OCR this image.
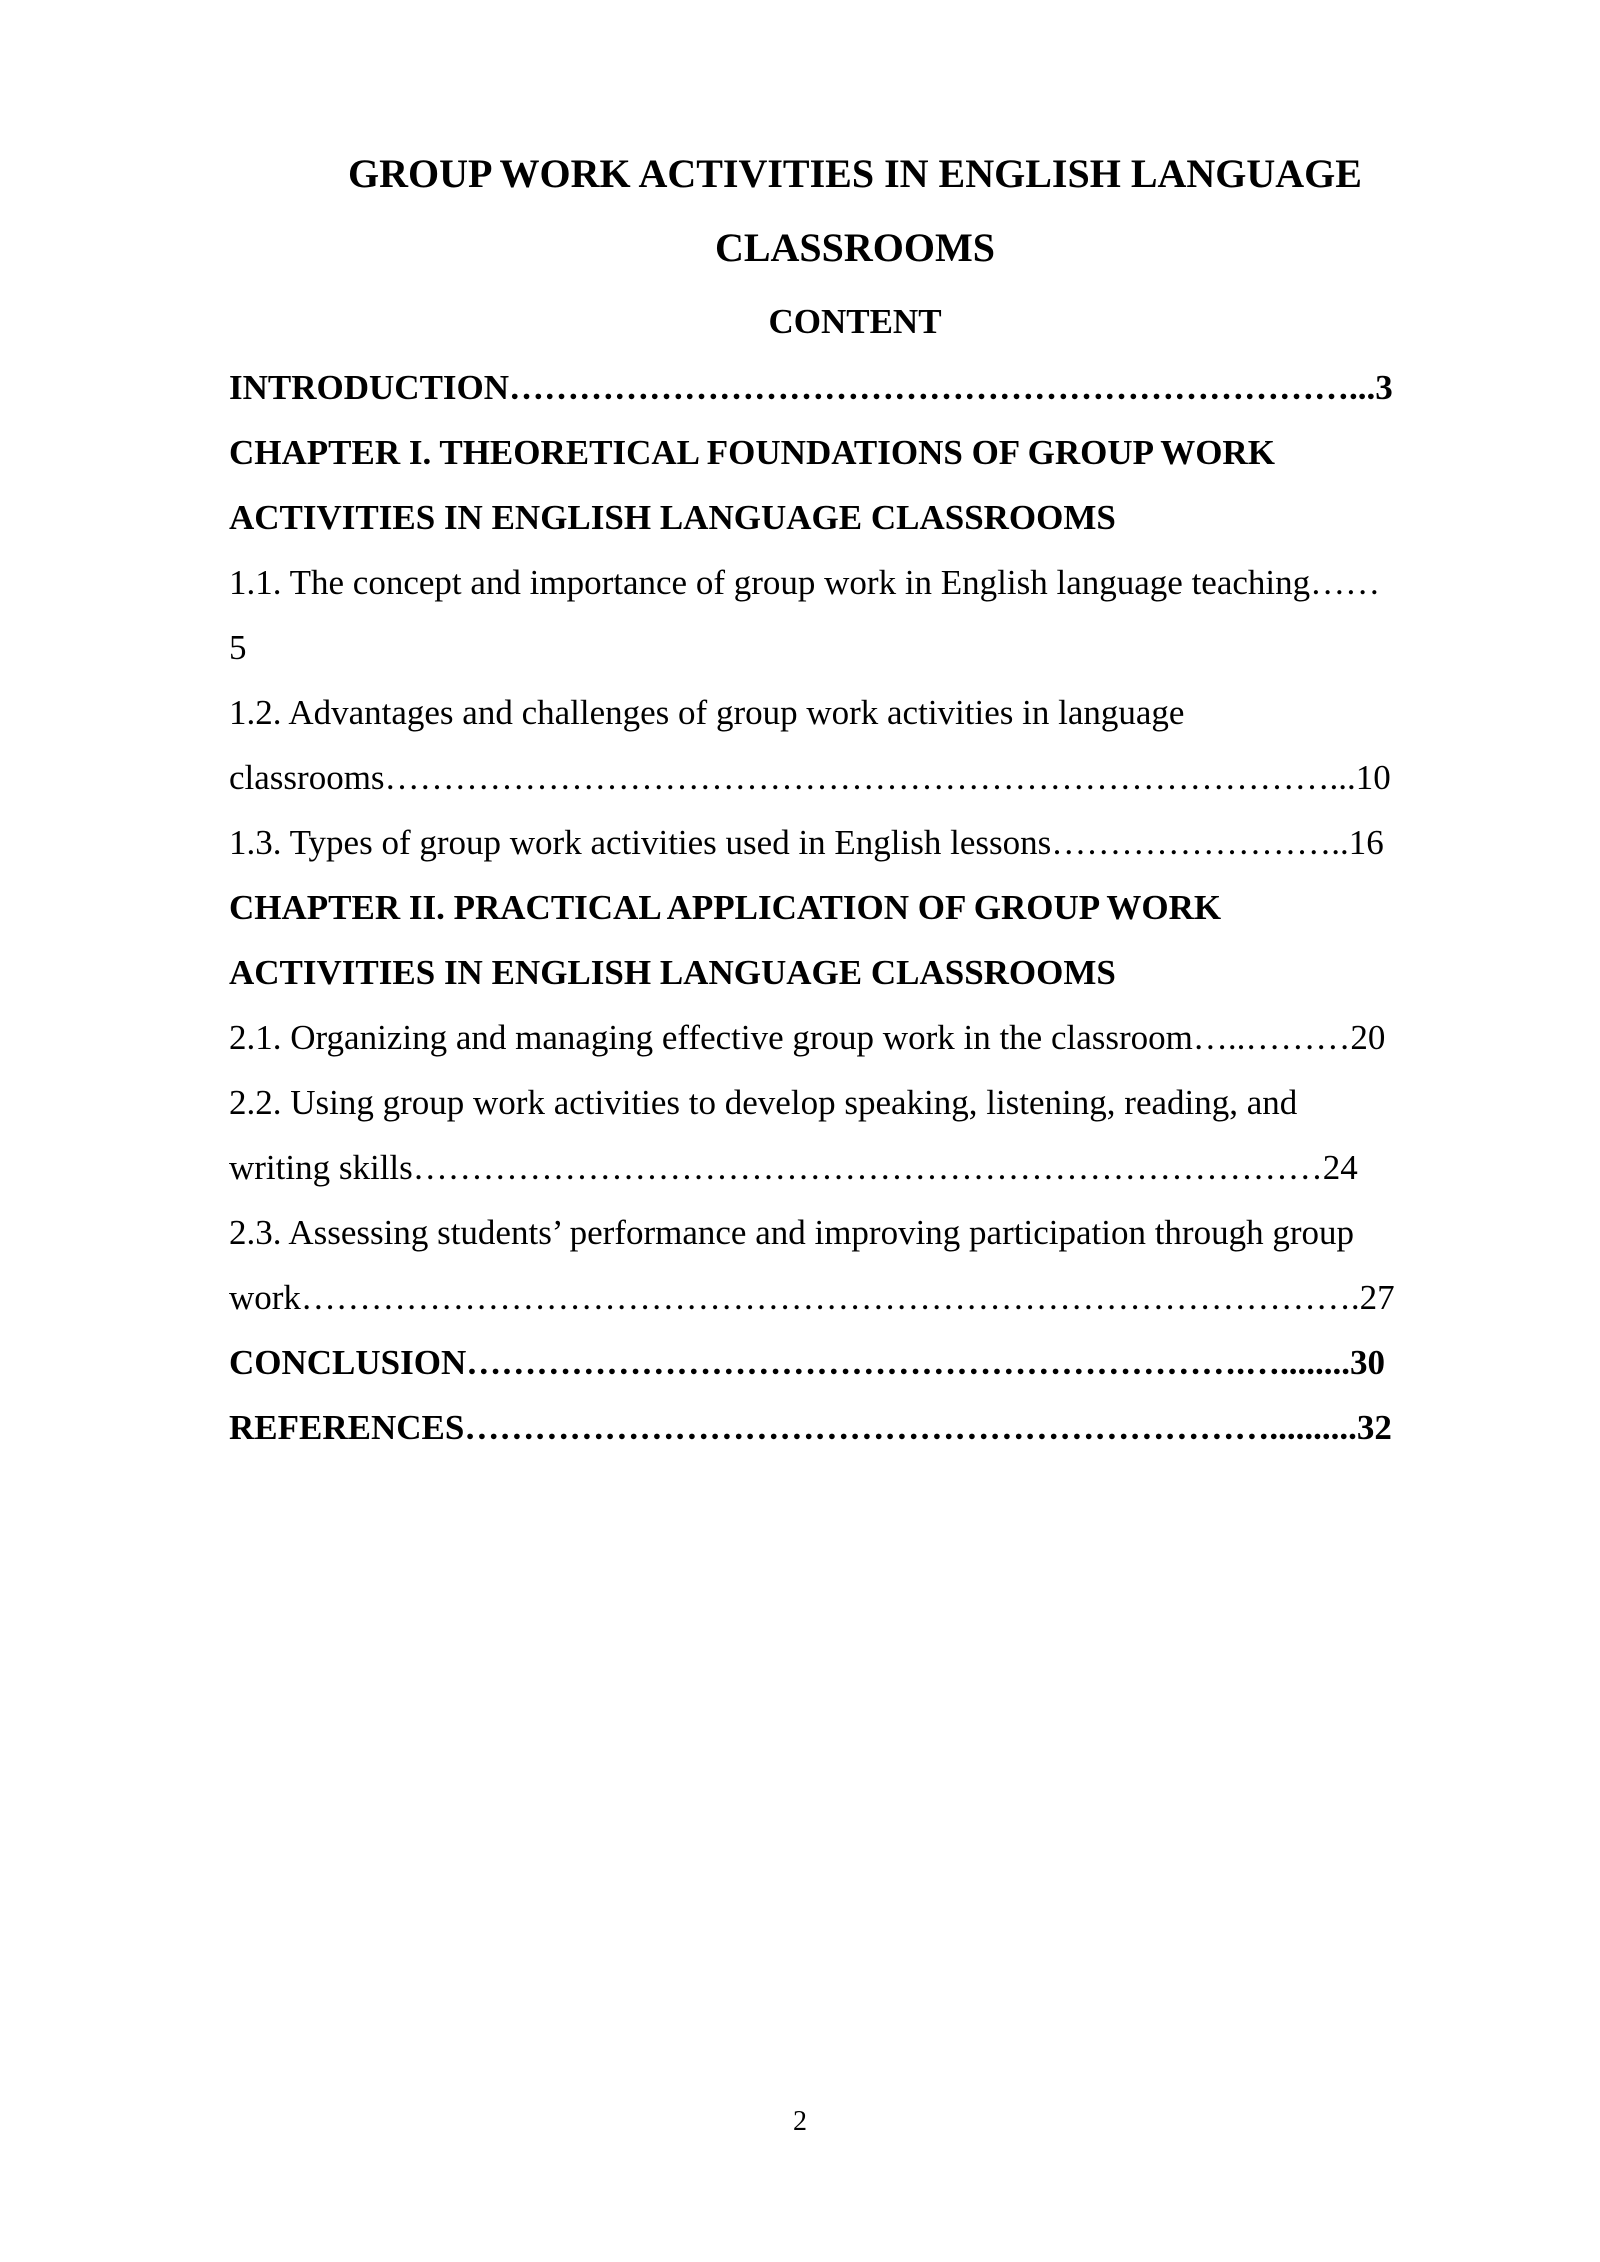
GROUP WORK ACTIVITIES IN ENGLISH LANGUAGE
CLASSROOMS
CONTENT
INTRODUCTION………………………………………………………………...3
CHAPTER I. THEORETICAL FOUNDATIONS OF GROUP WORK
ACTIVITIES IN ENGLISH LANGUAGE CLASSROOMS
1.1. The concept and importance of group work in English language teaching……
5
1.2. Advantages and challenges of group work activities in language
classrooms………………………………………………………………………...10
1.3. Types of group work activities used in English lessons……………………..16
CHAPTER II. PRACTICAL APPLICATION OF GROUP WORK
ACTIVITIES IN ENGLISH LANGUAGE CLASSROOMS
2.1. Organizing and managing effective group work in the classroom…..………20
2.2. Using group work activities to develop speaking, listening, reading, and
writing skills……………………………………………………………………24
2.3. Assessing students’ performance and improving participation through group
work……………………………………………………………………………….27
CONCLUSION………………………………………………………….…........30
REFERENCES……………………………………………………………..........32
2
